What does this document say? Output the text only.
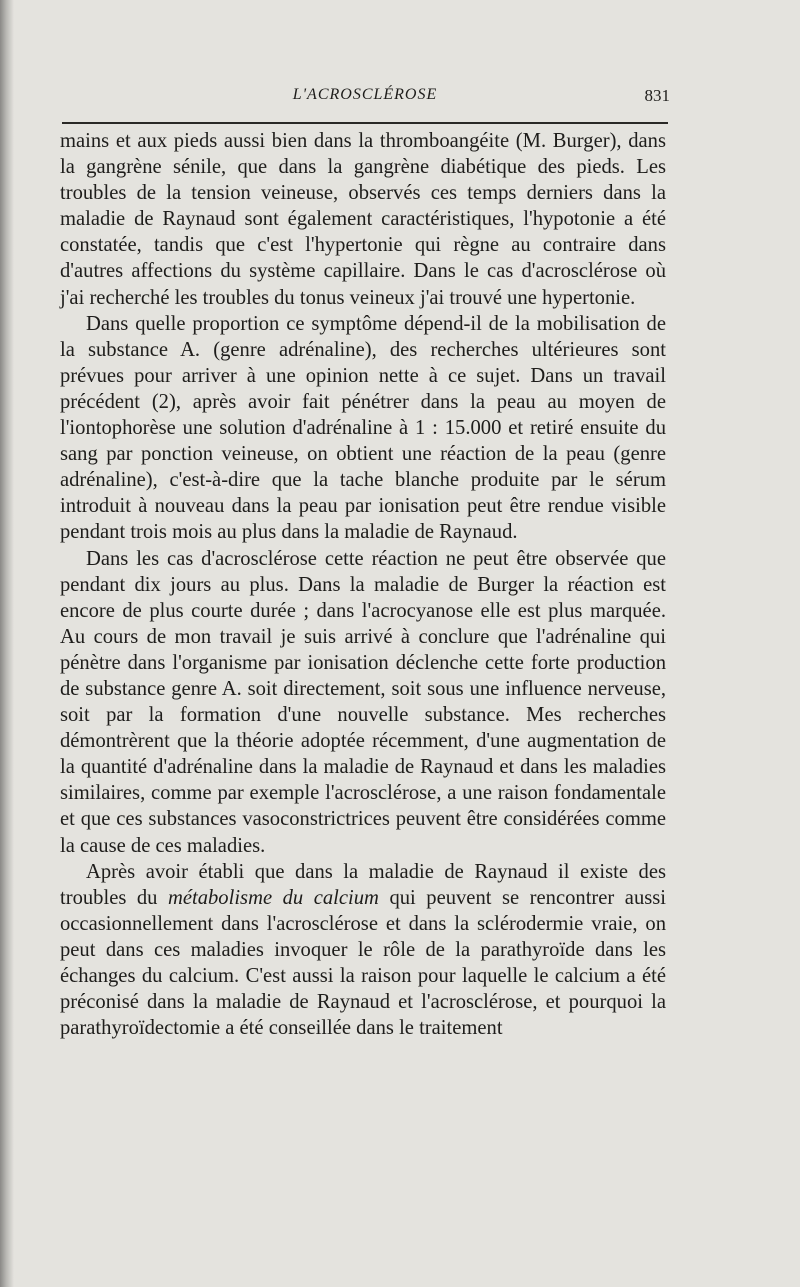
L'ACROSCLÉROSE	831

mains et aux pieds aussi bien dans la thromboangéite (M. Burger), dans la gangrène sénile, que dans la gangrène diabétique des pieds. Les troubles de la tension veineuse, observés ces temps derniers dans la maladie de Raynaud sont également caractéristiques, l'hypotonie a été constatée, tandis que c'est l'hypertonie qui règne au contraire dans d'autres affections du système capillaire. Dans le cas d'acrosclérose où j'ai recherché les troubles du tonus veineux j'ai trouvé une hypertonie.

Dans quelle proportion ce symptôme dépend-il de la mobilisation de la substance A. (genre adrénaline), des recherches ultérieures sont prévues pour arriver à une opinion nette à ce sujet. Dans un travail précédent (2), après avoir fait pénétrer dans la peau au moyen de l'iontophorèse une solution d'adrénaline à 1 : 15.000 et retiré ensuite du sang par ponction veineuse, on obtient une réaction de la peau (genre adrénaline), c'est-à-dire que la tache blanche produite par le sérum introduit à nouveau dans la peau par ionisation peut être rendue visible pendant trois mois au plus dans la maladie de Raynaud.

Dans les cas d'acrosclérose cette réaction ne peut être observée que pendant dix jours au plus. Dans la maladie de Burger la réaction est encore de plus courte durée ; dans l'acrocyanose elle est plus marquée. Au cours de mon travail je suis arrivé à conclure que l'adrénaline qui pénètre dans l'organisme par ionisation déclenche cette forte production de substance genre A. soit directement, soit sous une influence nerveuse, soit par la formation d'une nouvelle substance. Mes recherches démontrèrent que la théorie adoptée récemment, d'une augmentation de la quantité d'adrénaline dans la maladie de Raynaud et dans les maladies similaires, comme par exemple l'acrosclérose, a une raison fondamentale et que ces substances vasoconstrictrices peuvent être considérées comme la cause de ces maladies.

Après avoir établi que dans la maladie de Raynaud il existe des troubles du métabolisme du calcium qui peuvent se rencontrer aussi occasionnellement dans l'acrosclérose et dans la sclérodermie vraie, on peut dans ces maladies invoquer le rôle de la parathyroïde dans les échanges du calcium. C'est aussi la raison pour laquelle le calcium a été préconisé dans la maladie de Raynaud et l'acrosclérose, et pourquoi la parathyroïdectomie a été conseillée dans le traitement
